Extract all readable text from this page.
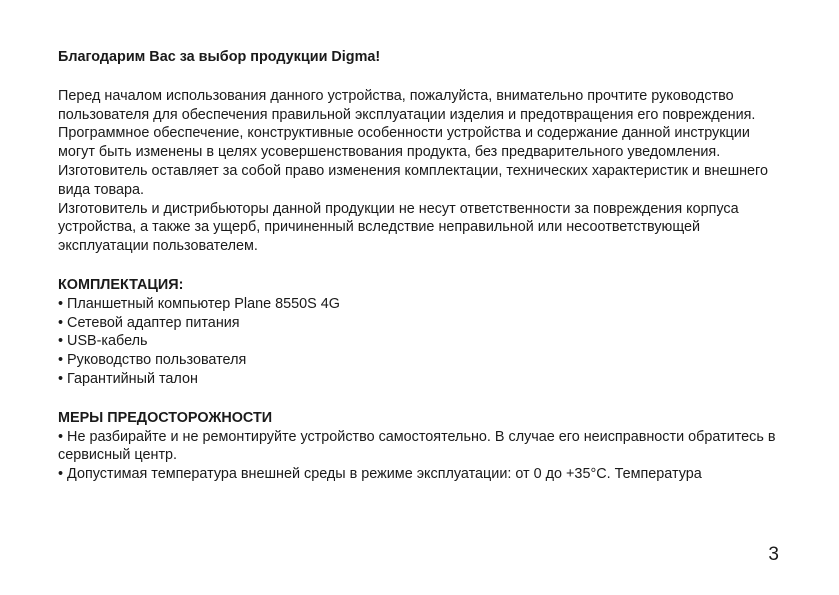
Благодарим Вас за выбор продукции Digma!

Перед началом использования данного устройства, пожалуйста, внимательно прочтите руководство пользователя для обеспечения правильной эксплуатации изделия и предотвращения его повреждения.

Программное обеспечение, конструктивные особенности устройства и содержание данной инструкции могут быть изменены в целях усовершенствования продукта, без предварительного уведомления.

Изготовитель оставляет за собой право изменения комплектации, технических характеристик и внешнего вида товара.

Изготовитель и дистрибьюторы данной продукции не несут ответственности за повреждения корпуса устройства, а также за ущерб, причиненный вследствие неправильной или несоответствующей эксплуатации пользователем.

КОМПЛЕКТАЦИЯ:

• Планшетный компьютер Plane 8550S 4G
• Сетевой адаптер питания
• USB-кабель
• Руководство пользователя
• Гарантийный талон

МЕРЫ ПРЕДОСТОРОЖНОСТИ

• Не разбирайте и не ремонтируйте устройство самостоятельно. В случае его неисправности обратитесь в сервисный центр.
• Допустимая температура внешней среды в режиме эксплуатации: от 0 до +35°С. Температура
3
